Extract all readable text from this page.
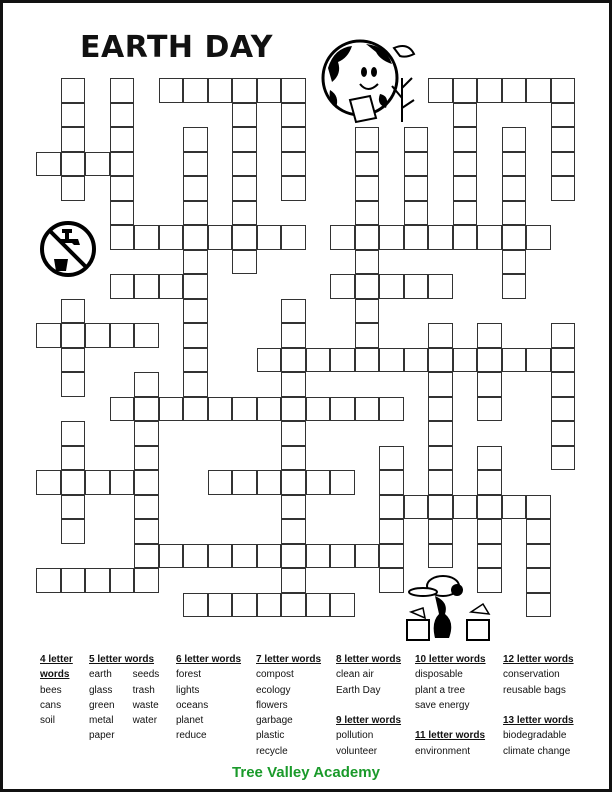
EARTH DAY
4 letter
words
bees
cans
soil
5 letter words
earth
glass
green
metal
paper
seeds
trash
waste
water
6 letter words
forest
lights
oceans
planet
reduce
7 letter words
compost
ecology
flowers
garbage
plastic
recycle
8 letter words
clean air
Earth Day

9 letter words
pollution
volunteer
10 letter words
disposable
plant a tree
save energy

11 letter words
environment
12 letter words
conservation
reusable bags

13 letter words
biodegradable
climate change
Tree Valley Academy
